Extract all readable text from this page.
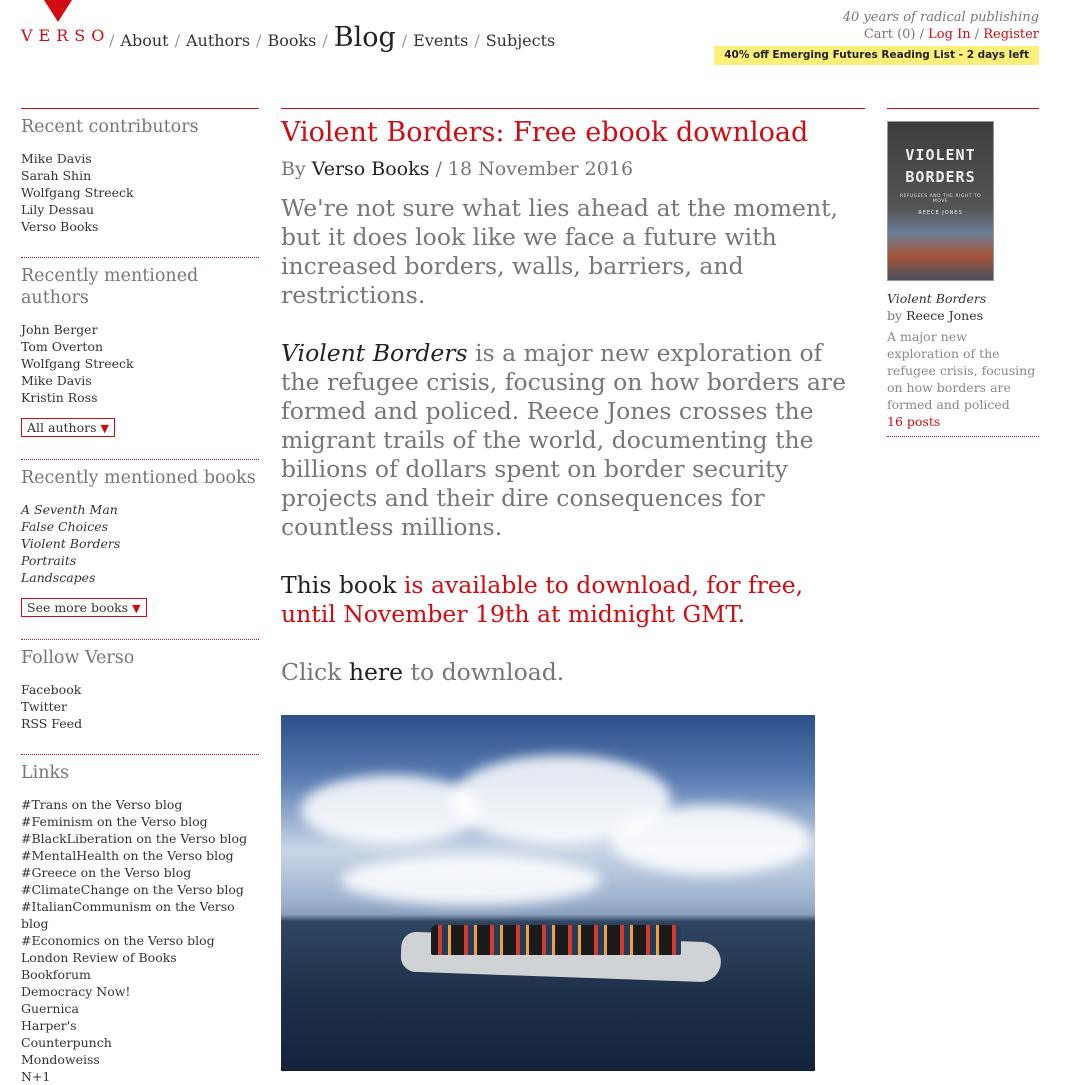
VERSO
/ About / Authors / Books / Blog / Events / Subjects
40 years of radical publishing
Cart (0) / Log In / Register
40% off Emerging Futures Reading List - 2 days left
Recent contributors
Mike Davis
Sarah Shin
Wolfgang Streeck
Lily Dessau
Verso Books
Recently mentioned authors
John Berger
Tom Overton
Wolfgang Streeck
Mike Davis
Kristin Ross
All authors ▼
Recently mentioned books
A Seventh Man
False Choices
Violent Borders
Portraits
Landscapes
See more books ▼
Follow Verso
Facebook
Twitter
RSS Feed
Links
#Trans on the Verso blog
#Feminism on the Verso blog
#BlackLiberation on the Verso blog
#MentalHealth on the Verso blog
#Greece on the Verso blog
#ClimateChange on the Verso blog
#ItalianCommunism on the Verso blog
#Economics on the Verso blog
London Review of Books
Bookforum
Democracy Now!
Guernica
Harper's
Counterpunch
Mondoweiss
N+1
Violent Borders: Free ebook download
By Verso Books / 18 November 2016

We're not sure what lies ahead at the moment, but it does look like we face a future with increased borders, walls, barriers, and restrictions.

Violent Borders is a major new exploration of the refugee crisis, focusing on how borders are formed and policed. Reece Jones crosses the migrant trails of the world, documenting the billions of dollars spent on border security projects and their dire consequences for countless millions.

This book is available to download, for free, until November 19th at midnight GMT.

Click here to download.

VIOLENT
BORDERS
REFUGEES AND THE RIGHT TO MOVE
REECE JONES
Violent Borders
by Reece Jones
A major new exploration of the refugee crisis, focusing on how borders are formed and policed
16 posts
